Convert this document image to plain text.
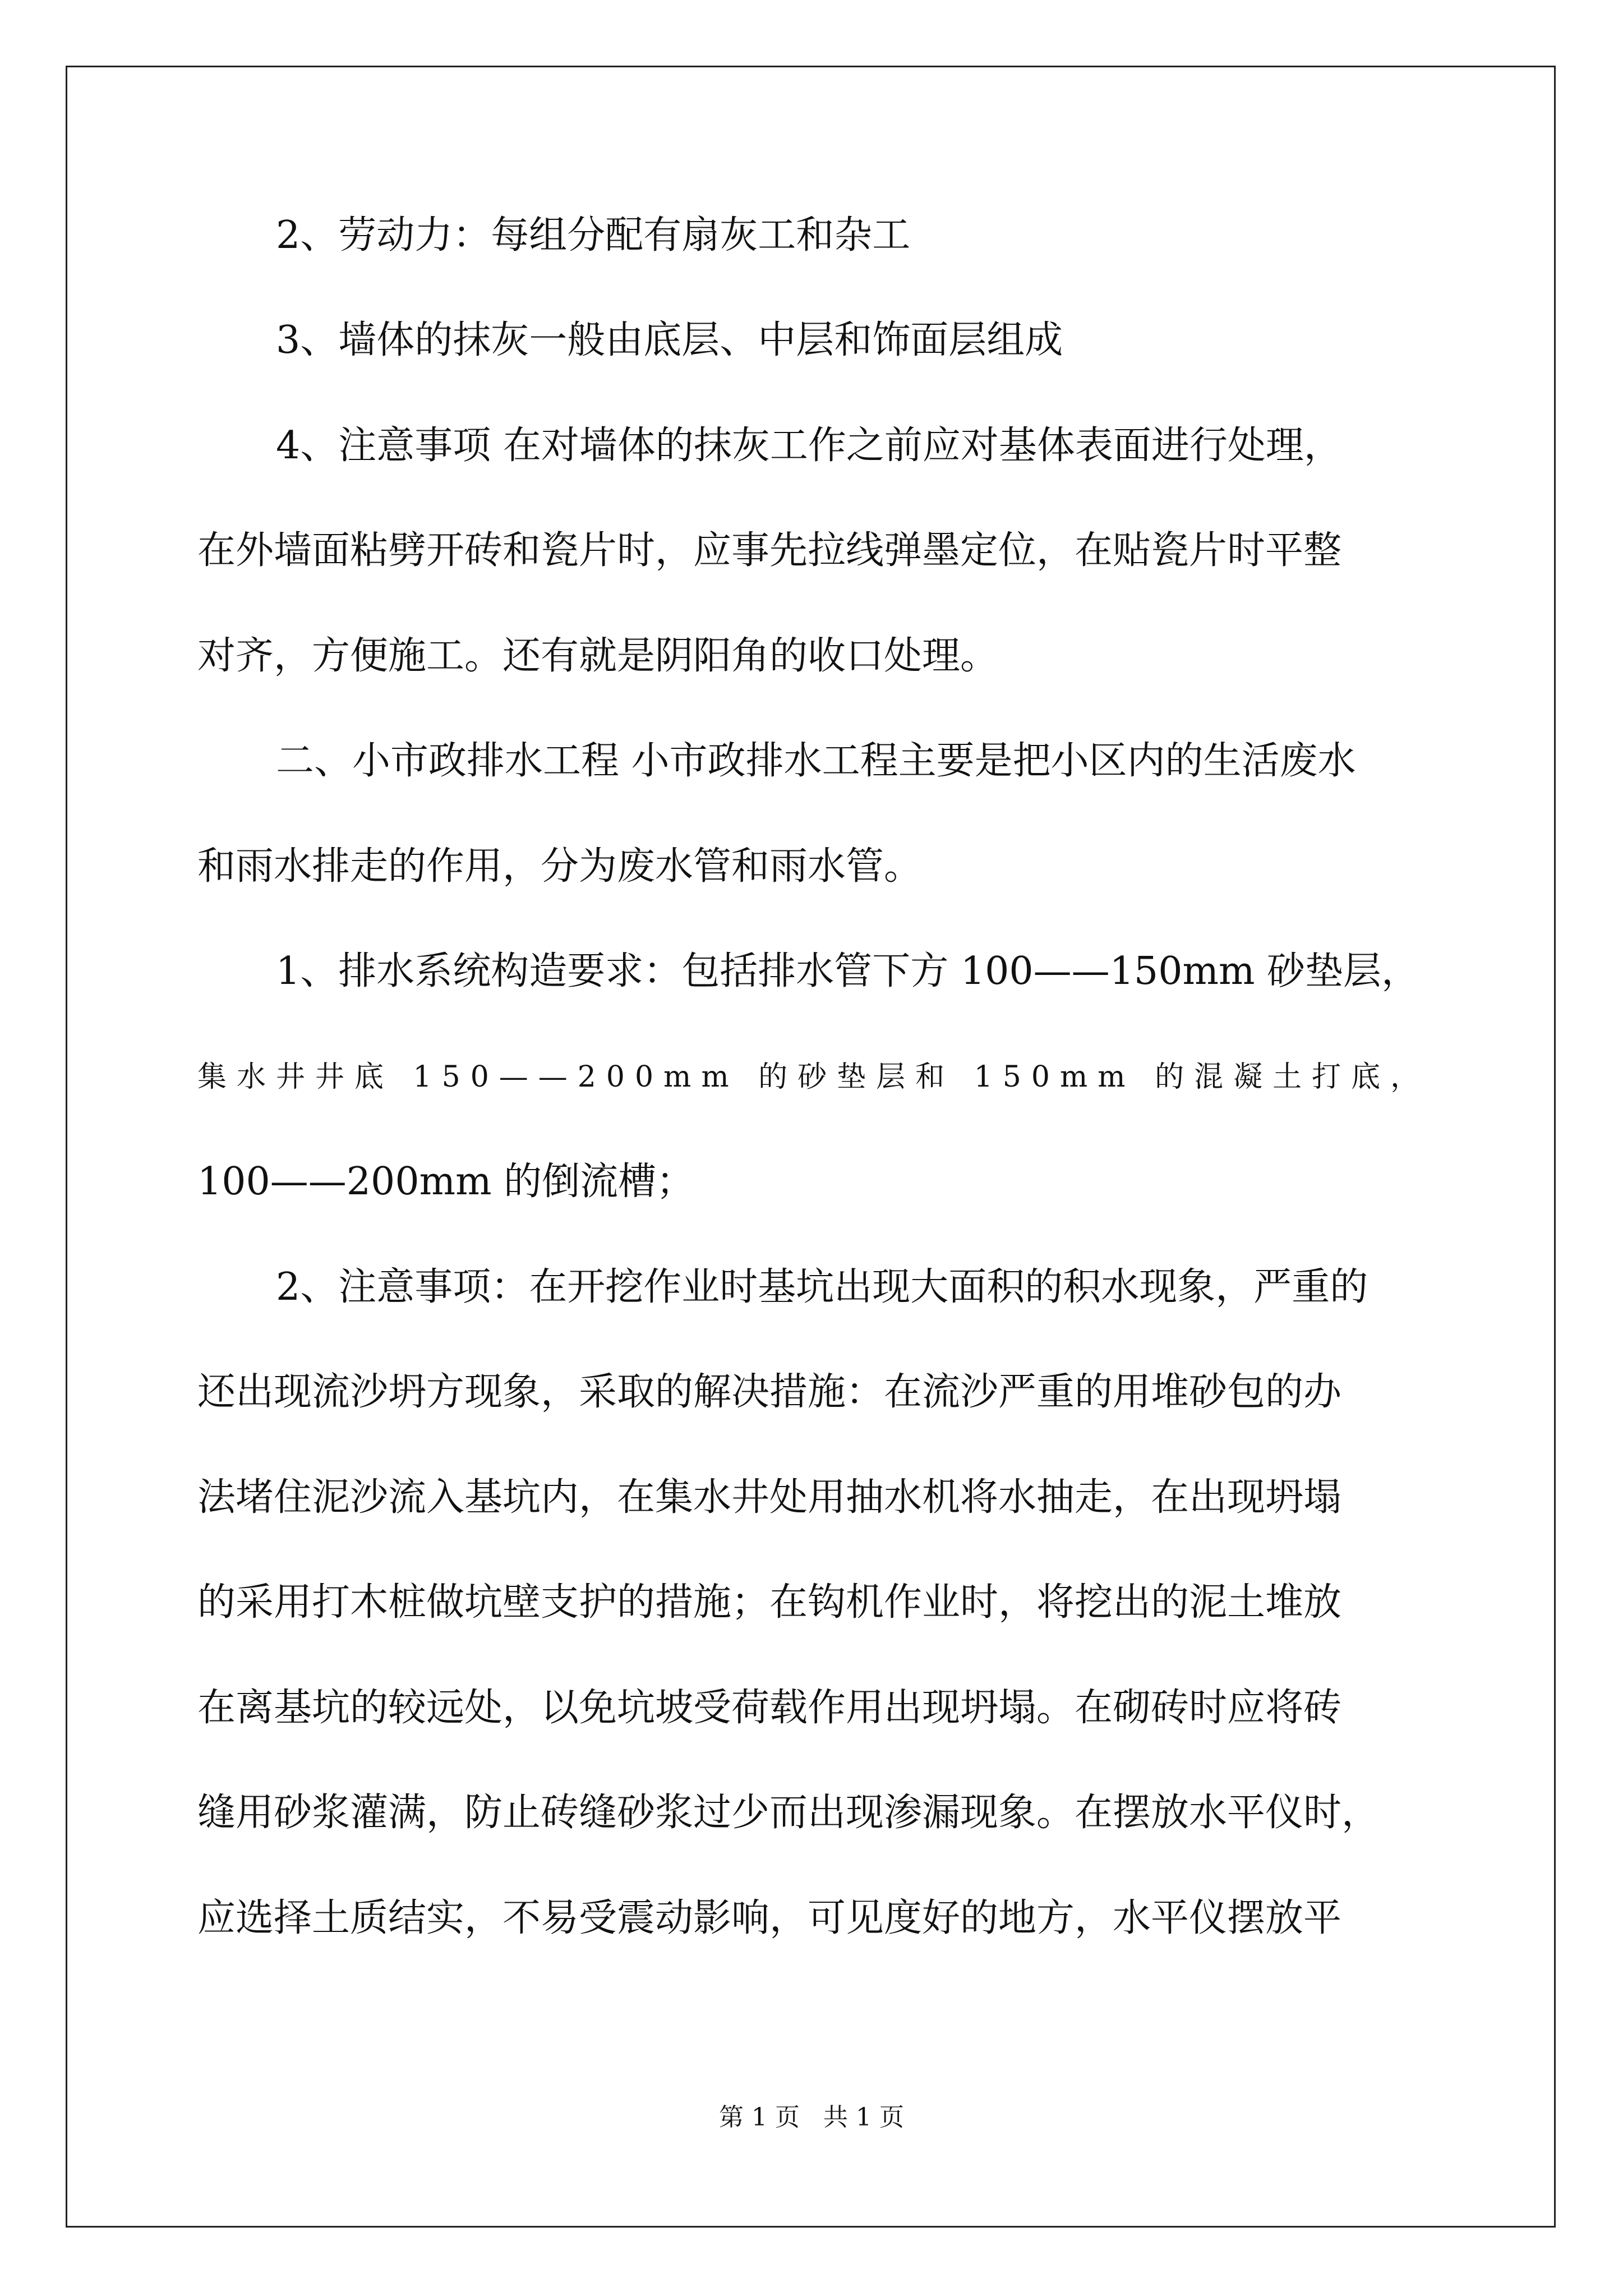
2、劳动力：每组分配有扇灰工和杂工
3、墙体的抹灰一般由底层、中层和饰面层组成
4、注意事项 在对墙体的抹灰工作之前应对基体表面进行处理，
在外墙面粘劈开砖和瓷片时，应事先拉线弹墨定位，在贴瓷片时平整
对齐，方便施工。还有就是阴阳角的收口处理。
二、小市政排水工程 小市政排水工程主要是把小区内的生活废水
和雨水排走的作用，分为废水管和雨水管。
1、排水系统构造要求：包括排水管下方 100——150mm 砂垫层，
集水井井底 150——200mm 的砂垫层和 150mm 的混凝土打底，
100——200mm 的倒流槽；
2、注意事项：在开挖作业时基坑出现大面积的积水现象，严重的
还出现流沙坍方现象，采取的解决措施：在流沙严重的用堆砂包的办
法堵住泥沙流入基坑内，在集水井处用抽水机将水抽走，在出现坍塌
的采用打木桩做坑壁支护的措施；在钩机作业时，将挖出的泥土堆放
在离基坑的较远处，以免坑坡受荷载作用出现坍塌。在砌砖时应将砖
缝用砂浆灌满，防止砖缝砂浆过少而出现渗漏现象。在摆放水平仪时，
应选择土质结实，不易受震动影响，可见度好的地方，水平仪摆放平
第 1 页   共 1 页
